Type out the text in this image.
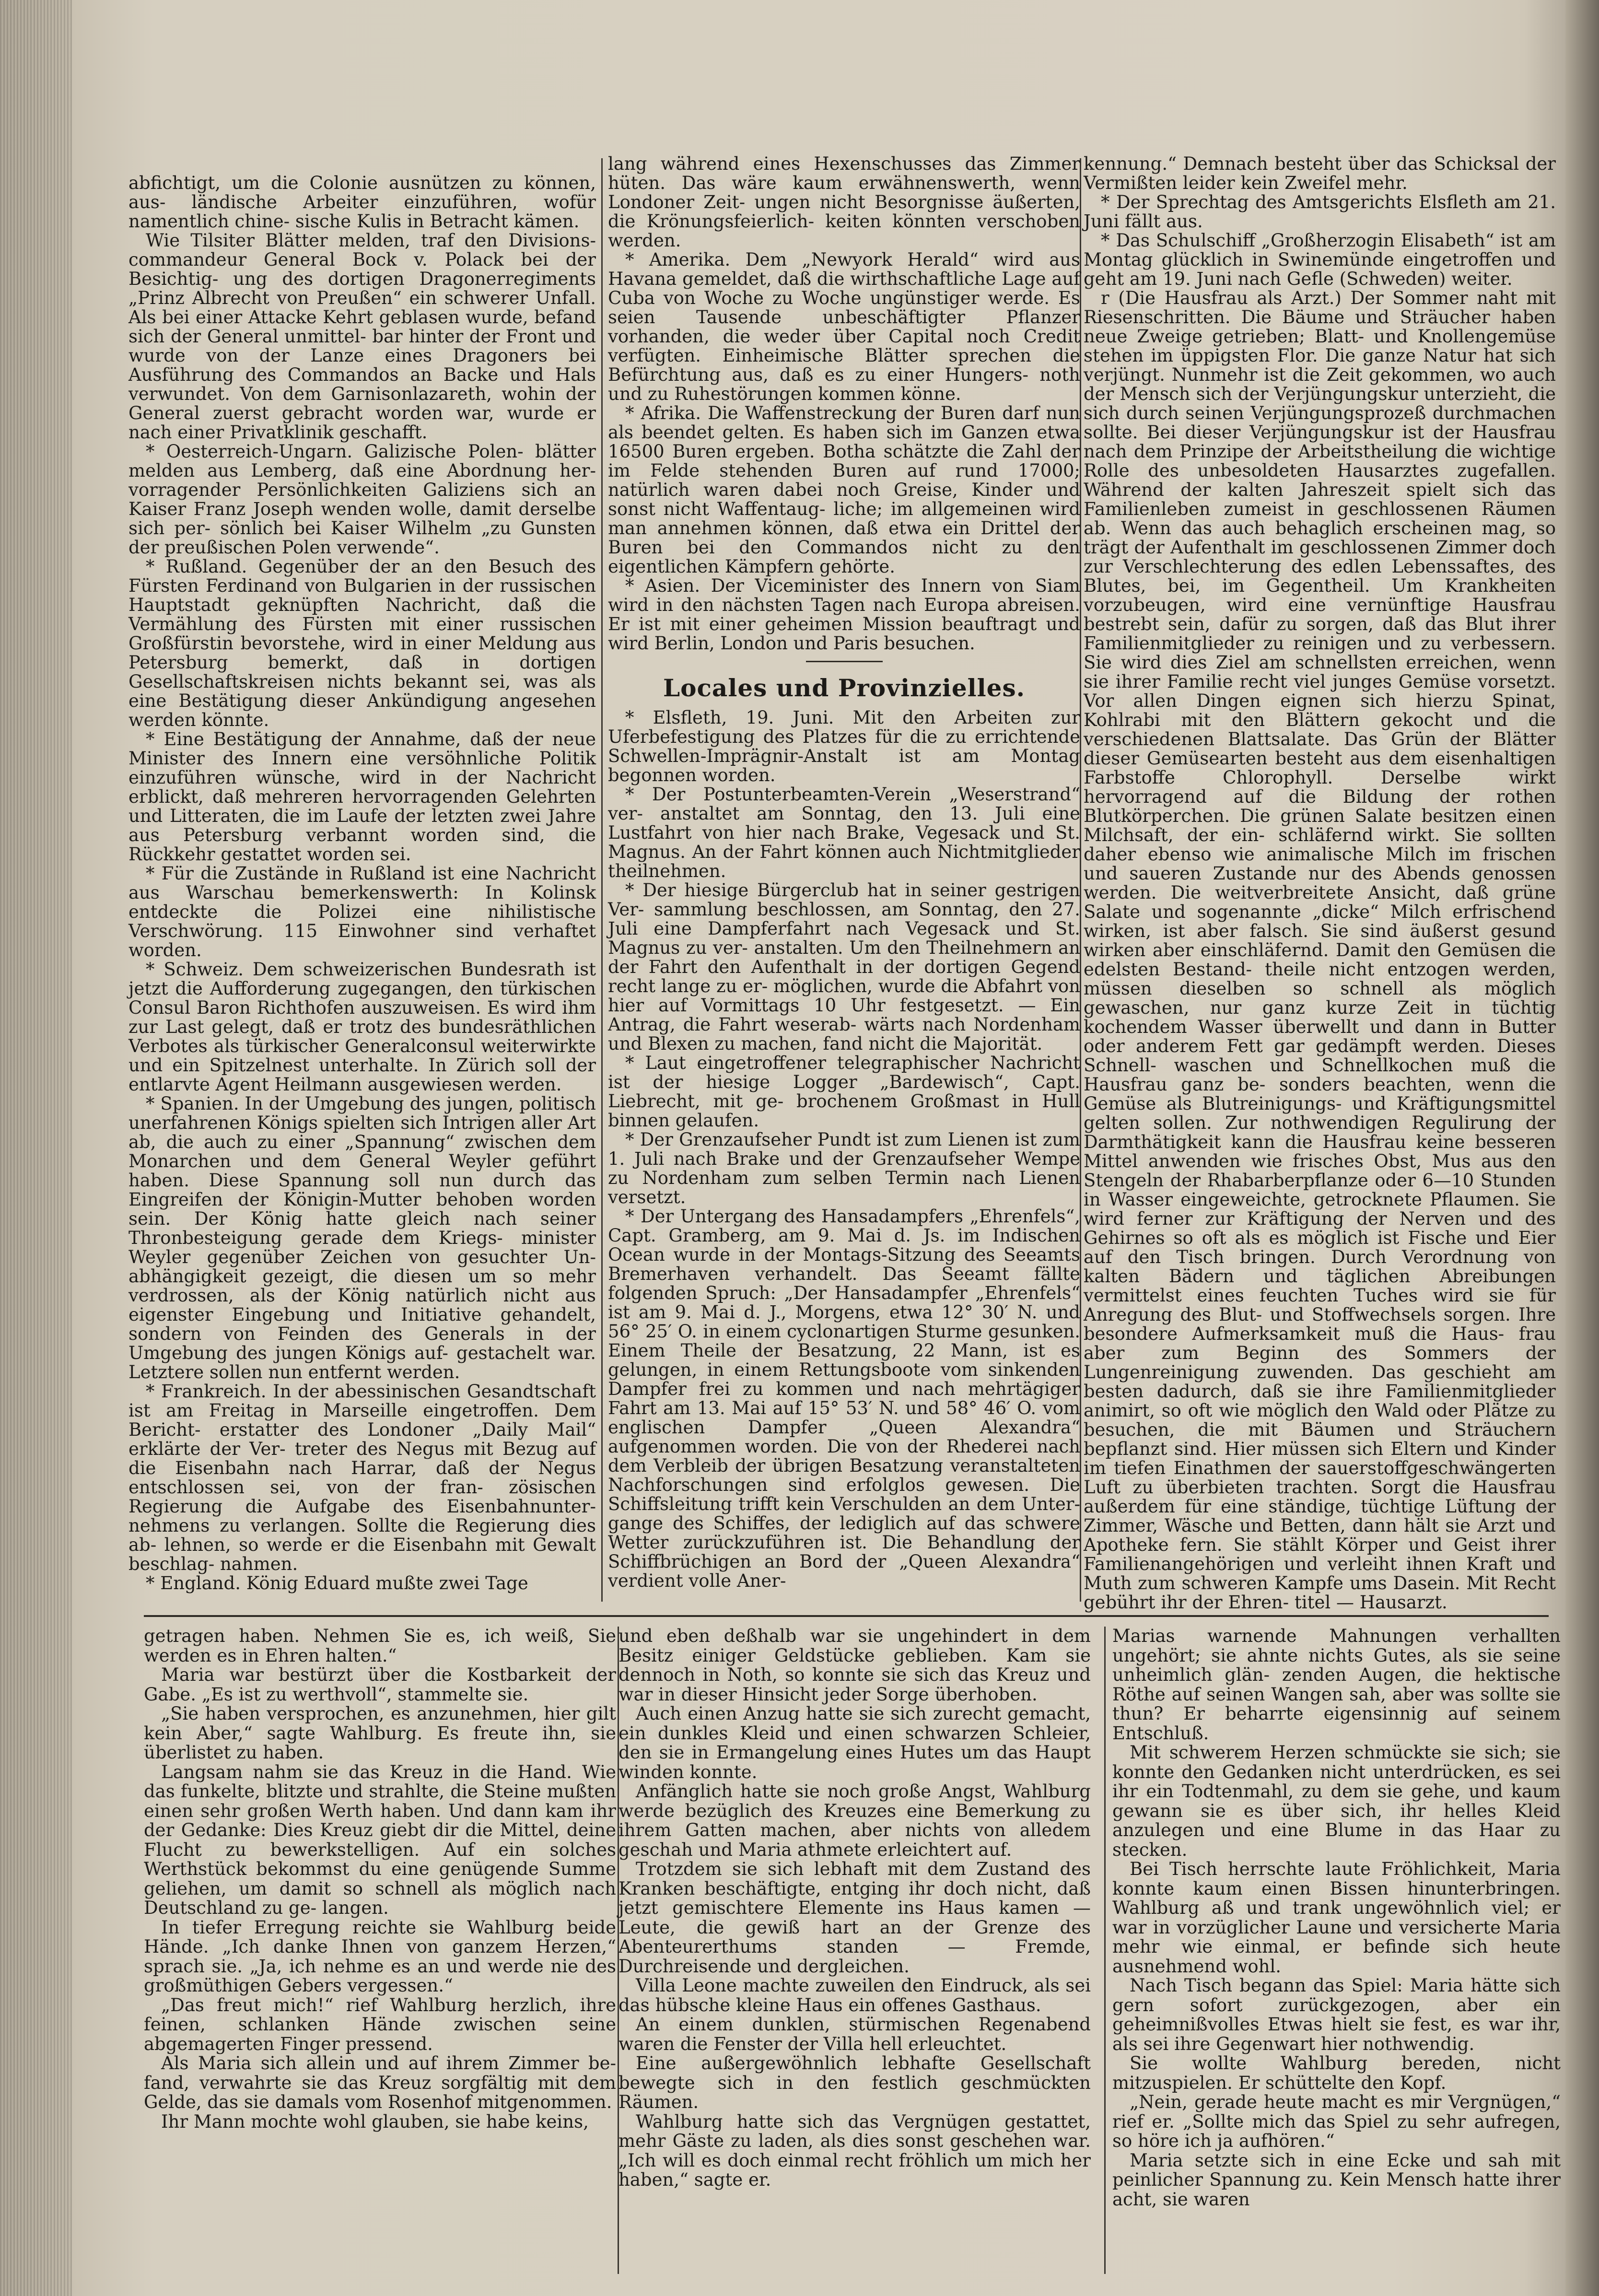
abfichtigt, um die Colonie ausnützen zu können, aus- ländische Arbeiter einzuführen, wofür namentlich chine- sische Kulis in Betracht kämen.

Wie Tilsiter Blätter melden, traf den Divisions- commandeur General Bock v. Polack bei der Besichtig- ung des dortigen Dragonerregiments „Prinz Albrecht von Preußen“ ein schwerer Unfall. Als bei einer Attacke Kehrt geblasen wurde, befand sich der General unmittel- bar hinter der Front und wurde von der Lanze eines Dragoners bei Ausführung des Commandos an Backe und Hals verwundet. Von dem Garnisonlazareth, wohin der General zuerst gebracht worden war, wurde er nach einer Privatklinik geschafft.

* Oesterreich-Ungarn. Galizische Polen- blätter melden aus Lemberg, daß eine Abordnung her- vorragender Persönlichkeiten Galiziens sich an Kaiser Franz Joseph wenden wolle, damit derselbe sich per- sönlich bei Kaiser Wilhelm „zu Gunsten der preußischen Polen verwende“.

* Rußland. Gegenüber der an den Besuch des Fürsten Ferdinand von Bulgarien in der russischen Hauptstadt geknüpften Nachricht, daß die Vermählung des Fürsten mit einer russischen Großfürstin bevorstehe, wird in einer Meldung aus Petersburg bemerkt, daß in dortigen Gesellschaftskreisen nichts bekannt sei, was als eine Bestätigung dieser Ankündigung angesehen werden könnte.

* Eine Bestätigung der Annahme, daß der neue Minister des Innern eine versöhnliche Politik einzuführen wünsche, wird in der Nachricht erblickt, daß mehreren hervorragenden Gelehrten und Litteraten, die im Laufe der letzten zwei Jahre aus Petersburg verbannt worden sind, die Rückkehr gestattet worden sei.

* Für die Zustände in Rußland ist eine Nachricht aus Warschau bemerkenswerth: In Kolinsk entdeckte die Polizei eine nihilistische Verschwörung. 115 Einwohner sind verhaftet worden.

* Schweiz. Dem schweizerischen Bundesrath ist jetzt die Aufforderung zugegangen, den türkischen Consul Baron Richthofen auszuweisen. Es wird ihm zur Last gelegt, daß er trotz des bundesräthlichen Verbotes als türkischer Generalconsul weiterwirkte und ein Spitzelnest unterhalte. In Zürich soll der entlarvte Agent Heilmann ausgewiesen werden.

* Spanien. In der Umgebung des jungen, politisch unerfahrenen Königs spielten sich Intrigen aller Art ab, die auch zu einer „Spannung“ zwischen dem Monarchen und dem General Weyler geführt haben. Diese Spannung soll nun durch das Eingreifen der Königin-Mutter behoben worden sein. Der König hatte gleich nach seiner Thronbesteigung gerade dem Kriegs- minister Weyler gegenüber Zeichen von gesuchter Un- abhängigkeit gezeigt, die diesen um so mehr verdrossen, als der König natürlich nicht aus eigenster Eingebung und Initiative gehandelt, sondern von Feinden des Generals in der Umgebung des jungen Königs auf- gestachelt war. Letztere sollen nun entfernt werden.

* Frankreich. In der abessinischen Gesandtschaft ist am Freitag in Marseille eingetroffen. Dem Bericht- erstatter des Londoner „Daily Mail“ erklärte der Ver- treter des Negus mit Bezug auf die Eisenbahn nach Harrar, daß der Negus entschlossen sei, von der fran- zösischen Regierung die Aufgabe des Eisenbahnunter- nehmens zu verlangen. Sollte die Regierung dies ab- lehnen, so werde er die Eisenbahn mit Gewalt beschlag- nahmen.

* England. König Eduard mußte zwei Tage

lang während eines Hexenschusses das Zimmer hüten. Das wäre kaum erwähnenswerth, wenn Londoner Zeit- ungen nicht Besorgnisse äußerten, die Krönungsfeierlich- keiten könnten verschoben werden.

* Amerika. Dem „Newyork Herald“ wird aus Havana gemeldet, daß die wirthschaftliche Lage auf Cuba von Woche zu Woche ungünstiger werde. Es seien Tausende unbeschäftigter Pflanzer vorhanden, die weder über Capital noch Credit verfügten. Einheimische Blätter sprechen die Befürchtung aus, daß es zu einer Hungers- noth und zu Ruhestörungen kommen könne.

* Afrika. Die Waffenstreckung der Buren darf nun als beendet gelten. Es haben sich im Ganzen etwa 16500 Buren ergeben. Botha schätzte die Zahl der im Felde stehenden Buren auf rund 17000; natürlich waren dabei noch Greise, Kinder und sonst nicht Waffentaug- liche; im allgemeinen wird man annehmen können, daß etwa ein Drittel der Buren bei den Commandos nicht zu den eigentlichen Kämpfern gehörte.

* Asien. Der Viceminister des Innern von Siam wird in den nächsten Tagen nach Europa abreisen. Er ist mit einer geheimen Mission beauftragt und wird Berlin, London und Paris besuchen.

Locales und Provinzielles.

* Elsfleth, 19. Juni. Mit den Arbeiten zur Uferbefestigung des Platzes für die zu errichtende Schwellen-Imprägnir-Anstalt ist am Montag begonnen worden.

* Der Postunterbeamten-Verein „Weserstrand“ ver- anstaltet am Sonntag, den 13. Juli eine Lustfahrt von hier nach Brake, Vegesack und St. Magnus. An der Fahrt können auch Nichtmitglieder theilnehmen.

* Der hiesige Bürgerclub hat in seiner gestrigen Ver- sammlung beschlossen, am Sonntag, den 27. Juli eine Dampferfahrt nach Vegesack und St. Magnus zu ver- anstalten. Um den Theilnehmern an der Fahrt den Aufenthalt in der dortigen Gegend recht lange zu er- möglichen, wurde die Abfahrt von hier auf Vormittags 10 Uhr festgesetzt. — Ein Antrag, die Fahrt weserab- wärts nach Nordenham und Blexen zu machen, fand nicht die Majorität.

* Laut eingetroffener telegraphischer Nachricht ist der hiesige Logger „Bardewisch“, Capt. Liebrecht, mit ge- brochenem Großmast in Hull binnen gelaufen.

* Der Grenzaufseher Pundt ist zum Lienen ist zum 1. Juli nach Brake und der Grenzaufseher Wempe zu Nordenham zum selben Termin nach Lienen versetzt.

* Der Untergang des Hansadampfers „Ehrenfels“, Capt. Gramberg, am 9. Mai d. Js. im Indischen Ocean wurde in der Montags-Sitzung des Seeamts Bremerhaven verhandelt. Das Seeamt fällte folgenden Spruch: „Der Hansadampfer „Ehrenfels“ ist am 9. Mai d. J., Morgens, etwa 12° 30′ N. und 56° 25′ O. in einem cyclonartigen Sturme gesunken. Einem Theile der Besatzung, 22 Mann, ist es gelungen, in einem Rettungsboote vom sinkenden Dampfer frei zu kommen und nach mehrtägiger Fahrt am 13. Mai auf 15° 53′ N. und 58° 46′ O. vom englischen Dampfer „Queen Alexandra“ aufgenommen worden. Die von der Rhederei nach dem Verbleib der übrigen Besatzung veranstalteten Nachforschungen sind erfolglos gewesen. Die Schiffsleitung trifft kein Verschulden an dem Unter- gange des Schiffes, der lediglich auf das schwere Wetter zurückzuführen ist. Die Behandlung der Schiffbrüchigen an Bord der „Queen Alexandra“ verdient volle Aner-

kennung.“ Demnach besteht über das Schicksal der Vermißten leider kein Zweifel mehr.

* Der Sprechtag des Amtsgerichts Elsfleth am 21. Juni fällt aus.

* Das Schulschiff „Großherzogin Elisabeth“ ist am Montag glücklich in Swinemünde eingetroffen und geht am 19. Juni nach Gefle (Schweden) weiter.

r (Die Hausfrau als Arzt.) Der Sommer naht mit Riesenschritten. Die Bäume und Sträucher haben neue Zweige getrieben; Blatt- und Knollengemüse stehen im üppigsten Flor. Die ganze Natur hat sich verjüngt. Nunmehr ist die Zeit gekommen, wo auch der Mensch sich der Verjüngungskur unterzieht, die sich durch seinen Verjüngungsprozeß durchmachen sollte. Bei dieser Verjüngungskur ist der Hausfrau nach dem Prinzipe der Arbeitstheilung die wichtige Rolle des unbesoldeten Hausarztes zugefallen. Während der kalten Jahreszeit spielt sich das Familienleben zumeist in geschlossenen Räumen ab. Wenn das auch behaglich erscheinen mag, so trägt der Aufenthalt im geschlossenen Zimmer doch zur Verschlechterung des edlen Lebenssaftes, des Blutes, bei, im Gegentheil. Um Krankheiten vorzubeugen, wird eine vernünftige Hausfrau bestrebt sein, dafür zu sorgen, daß das Blut ihrer Familienmitglieder zu reinigen und zu verbessern. Sie wird dies Ziel am schnellsten erreichen, wenn sie ihrer Familie recht viel junges Gemüse vorsetzt. Vor allen Dingen eignen sich hierzu Spinat, Kohlrabi mit den Blättern gekocht und die verschiedenen Blattsalate. Das Grün der Blätter dieser Gemüsearten besteht aus dem eisenhaltigen Farbstoffe Chlorophyll. Derselbe wirkt hervorragend auf die Bildung der rothen Blutkörperchen. Die grünen Salate besitzen einen Milchsaft, der ein- schläfernd wirkt. Sie sollten daher ebenso wie animalische Milch im frischen und saueren Zustande nur des Abends genossen werden. Die weitverbreitete Ansicht, daß grüne Salate und sogenannte „dicke“ Milch erfrischend wirken, ist aber falsch. Sie sind äußerst gesund wirken aber einschläfernd. Damit den Gemüsen die edelsten Bestand- theile nicht entzogen werden, müssen dieselben so schnell als möglich gewaschen, nur ganz kurze Zeit in tüchtig kochendem Wasser überwellt und dann in Butter oder anderem Fett gar gedämpft werden. Dieses Schnell- waschen und Schnellkochen muß die Hausfrau ganz be- sonders beachten, wenn die Gemüse als Blutreinigungs- und Kräftigungsmittel gelten sollen. Zur nothwendigen Regulirung der Darmthätigkeit kann die Hausfrau keine besseren Mittel anwenden wie frisches Obst, Mus aus den Stengeln der Rhabarberpflanze oder 6—10 Stunden in Wasser eingeweichte, getrocknete Pflaumen. Sie wird ferner zur Kräftigung der Nerven und des Gehirnes so oft als es möglich ist Fische und Eier auf den Tisch bringen. Durch Verordnung von kalten Bädern und täglichen Abreibungen vermittelst eines feuchten Tuches wird sie für Anregung des Blut- und Stoffwechsels sorgen. Ihre besondere Aufmerksamkeit muß die Haus- frau aber zum Beginn des Sommers der Lungenreinigung zuwenden. Das geschieht am besten dadurch, daß sie ihre Familienmitglieder animirt, so oft wie möglich den Wald oder Plätze zu besuchen, die mit Bäumen und Sträuchern bepflanzt sind. Hier müssen sich Eltern und Kinder im tiefen Einathmen der sauerstoffgeschwängerten Luft zu überbieten trachten. Sorgt die Hausfrau außerdem für eine ständige, tüchtige Lüftung der Zimmer, Wäsche und Betten, dann hält sie Arzt und Apotheke fern. Sie stählt Körper und Geist ihrer Familienangehörigen und verleiht ihnen Kraft und Muth zum schweren Kampfe ums Dasein. Mit Recht gebührt ihr der Ehren- titel — Hausarzt.

getragen haben. Nehmen Sie es, ich weiß, Sie werden es in Ehren halten.“

Maria war bestürzt über die Kostbarkeit der Gabe. „Es ist zu werthvoll“, stammelte sie.

„Sie haben versprochen, es anzunehmen, hier gilt kein Aber,“ sagte Wahlburg. Es freute ihn, sie überlistet zu haben.

Langsam nahm sie das Kreuz in die Hand. Wie das funkelte, blitzte und strahlte, die Steine mußten einen sehr großen Werth haben. Und dann kam ihr der Gedanke: Dies Kreuz giebt dir die Mittel, deine Flucht zu bewerkstelligen. Auf ein solches Werthstück bekommst du eine genügende Summe geliehen, um damit so schnell als möglich nach Deutschland zu ge- langen.

In tiefer Erregung reichte sie Wahlburg beide Hände. „Ich danke Ihnen von ganzem Herzen,“ sprach sie. „Ja, ich nehme es an und werde nie des großmüthigen Gebers vergessen.“

„Das freut mich!“ rief Wahlburg herzlich, ihre feinen, schlanken Hände zwischen seine abgemagerten Finger pressend.

Als Maria sich allein und auf ihrem Zimmer be- fand, verwahrte sie das Kreuz sorgfältig mit dem Gelde, das sie damals vom Rosenhof mitgenommen.

Ihr Mann mochte wohl glauben, sie habe keins,

und eben deßhalb war sie ungehindert in dem Besitz einiger Geldstücke geblieben. Kam sie dennoch in Noth, so konnte sie sich das Kreuz und war in dieser Hinsicht jeder Sorge überhoben.

Auch einen Anzug hatte sie sich zurecht gemacht, ein dunkles Kleid und einen schwarzen Schleier, den sie in Ermangelung eines Hutes um das Haupt winden konnte.

Anfänglich hatte sie noch große Angst, Wahlburg werde bezüglich des Kreuzes eine Bemerkung zu ihrem Gatten machen, aber nichts von alledem geschah und Maria athmete erleichtert auf.

Trotzdem sie sich lebhaft mit dem Zustand des Kranken beschäftigte, entging ihr doch nicht, daß jetzt gemischtere Elemente ins Haus kamen — Leute, die gewiß hart an der Grenze des Abenteurerthums standen — Fremde, Durchreisende und dergleichen.

Villa Leone machte zuweilen den Eindruck, als sei das hübsche kleine Haus ein offenes Gasthaus.

An einem dunklen, stürmischen Regenabend waren die Fenster der Villa hell erleuchtet.

Eine außergewöhnlich lebhafte Gesellschaft bewegte sich in den festlich geschmückten Räumen.

Wahlburg hatte sich das Vergnügen gestattet, mehr Gäste zu laden, als dies sonst geschehen war. „Ich will es doch einmal recht fröhlich um mich her haben,“ sagte er.

Marias warnende Mahnungen verhallten ungehört; sie ahnte nichts Gutes, als sie seine unheimlich glän- zenden Augen, die hektische Röthe auf seinen Wangen sah, aber was sollte sie thun? Er beharrte eigensinnig auf seinem Entschluß.

Mit schwerem Herzen schmückte sie sich; sie konnte den Gedanken nicht unterdrücken, es sei ihr ein Todtenmahl, zu dem sie gehe, und kaum gewann sie es über sich, ihr helles Kleid anzulegen und eine Blume in das Haar zu stecken.

Bei Tisch herrschte laute Fröhlichkeit, Maria konnte kaum einen Bissen hinunterbringen. Wahlburg aß und trank ungewöhnlich viel; er war in vorzüglicher Laune und versicherte Maria mehr wie einmal, er befinde sich heute ausnehmend wohl.

Nach Tisch begann das Spiel: Maria hätte sich gern sofort zurückgezogen, aber ein geheimnißvolles Etwas hielt sie fest, es war ihr, als sei ihre Gegenwart hier nothwendig.

Sie wollte Wahlburg bereden, nicht mitzuspielen. Er schüttelte den Kopf.

„Nein, gerade heute macht es mir Vergnügen,“ rief er. „Sollte mich das Spiel zu sehr aufregen, so höre ich ja aufhören.“

Maria setzte sich in eine Ecke und sah mit peinlicher Spannung zu. Kein Mensch hatte ihrer acht, sie waren
